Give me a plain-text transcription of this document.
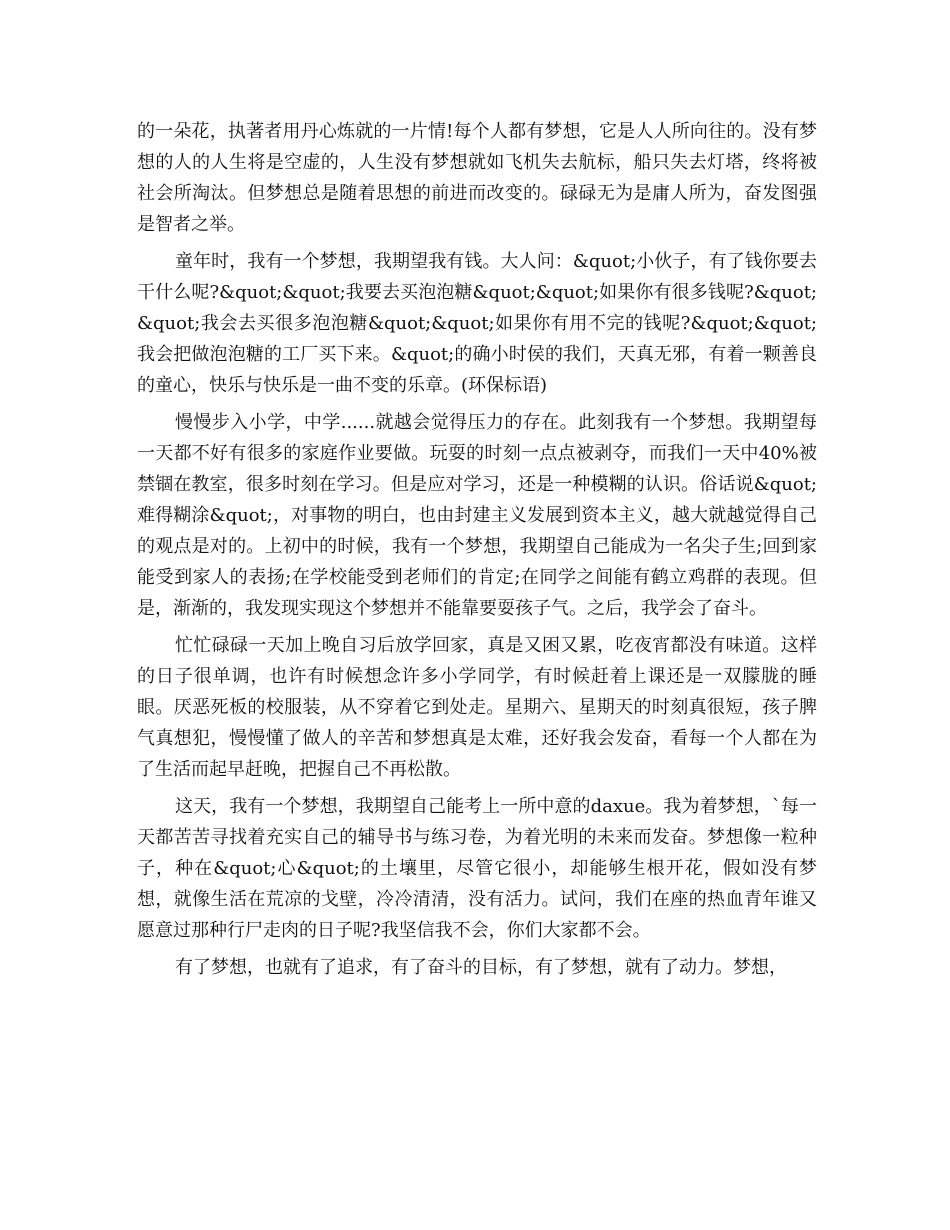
的一朵花，执著者用丹心炼就的一片情!每个人都有梦想，它是人人所向往的。没有梦想的人的人生将是空虚的，人生没有梦想就如飞机失去航标，船只失去灯塔，终将被社会所淘汰。但梦想总是随着思想的前进而改变的。碌碌无为是庸人所为，奋发图强是智者之举。

童年时，我有一个梦想，我期望我有钱。大人问：&quot;小伙子，有了钱你要去干什么呢?&quot;&quot;我要去买泡泡糖&quot;&quot;如果你有很多钱呢?&quot;&quot;我会去买很多泡泡糖&quot;&quot;如果你有用不完的钱呢?&quot;&quot;我会把做泡泡糖的工厂买下来。&quot;的确小时侯的我们，天真无邪，有着一颗善良的童心，快乐与快乐是一曲不变的乐章。(环保标语)

慢慢步入小学，中学......就越会觉得压力的存在。此刻我有一个梦想。我期望每一天都不好有很多的家庭作业要做。玩耍的时刻一点点被剥夺，而我们一天中40%被禁锢在教室，很多时刻在学习。但是应对学习，还是一种模糊的认识。俗话说&quot;难得糊涂&quot;，对事物的明白，也由封建主义发展到资本主义，越大就越觉得自己的观点是对的。上初中的时候，我有一个梦想，我期望自己能成为一名尖子生;回到家能受到家人的表扬;在学校能受到老师们的肯定;在同学之间能有鹤立鸡群的表现。但是，渐渐的，我发现实现这个梦想并不能靠要耍孩子气。之后，我学会了奋斗。

忙忙碌碌一天加上晚自习后放学回家，真是又困又累，吃夜宵都没有味道。这样的日子很单调，也许有时候想念许多小学同学，有时候赶着上课还是一双朦胧的睡眼。厌恶死板的校服装，从不穿着它到处走。星期六、星期天的时刻真很短，孩子脾气真想犯，慢慢懂了做人的辛苦和梦想真是太难，还好我会发奋，看每一个人都在为了生活而起早赶晚，把握自己不再松散。

这天，我有一个梦想，我期望自己能考上一所中意的daxue。我为着梦想，`每一天都苦苦寻找着充实自己的辅导书与练习卷，为着光明的未来而发奋。梦想像一粒种子，种在&quot;心&quot;的土壤里，尽管它很小，却能够生根开花，假如没有梦想，就像生活在荒凉的戈壁，冷冷清清，没有活力。试问，我们在座的热血青年谁又愿意过那种行尸走肉的日子呢?我坚信我不会，你们大家都不会。

有了梦想，也就有了追求，有了奋斗的目标，有了梦想，就有了动力。梦想，
